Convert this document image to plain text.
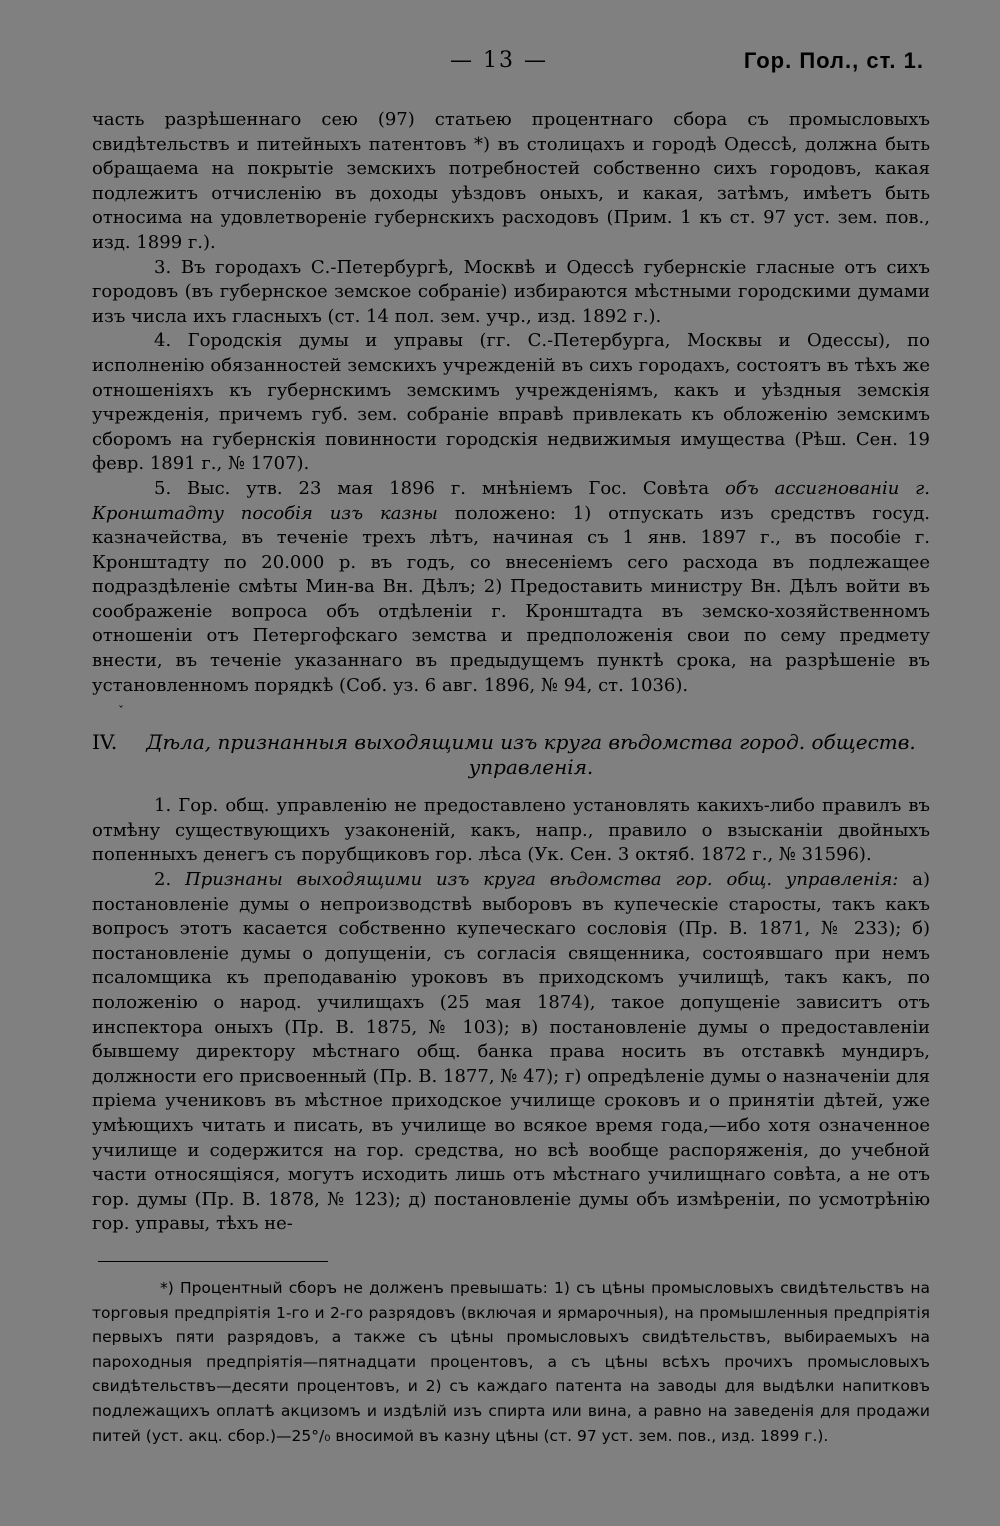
— 13 —	Гор. Пол., ст. 1.

часть разрѣшеннаго сею (97) статьею процентнаго сбора съ промысловыхъ свидѣтельствъ и питейныхъ патентовъ *) въ столицахъ и городѣ Одессѣ, должна быть обращаема на покрытіе земскихъ потребностей собственно сихъ городовъ, какая подлежитъ отчисленію въ доходы уѣздовъ оныхъ, и какая, затѣмъ, имѣетъ быть относима на удовлетвореніе губернскихъ расходовъ (Прим. 1 къ ст. 97 уст. зем. пов., изд. 1899 г.).

3. Въ городахъ С.-Петербургѣ, Москвѣ и Одессѣ губернскіе гласные отъ сихъ городовъ (въ губернское земское собраніе) избираются мѣстными городскими думами изъ числа ихъ гласныхъ (ст. 14 пол. зем. учр., изд. 1892 г.).

4. Городскія думы и управы (гг. С.-Петербурга, Москвы и Одессы), по исполненію обязанностей земскихъ учрежденій въ сихъ городахъ, состоятъ въ тѣхъ же отношеніяхъ къ губернскимъ земскимъ учрежденіямъ, какъ и уѣздныя земскія учрежденія, причемъ губ. зем. собраніе вправѣ привлекать къ обложенію земскимъ сборомъ на губернскія повинности городскія недвижимыя имущества (Рѣш. Сен. 19 февр. 1891 г., № 1707).

5. Выс. утв. 23 мая 1896 г. мнѣніемъ Гос. Совѣта объ ассигнованіи г. Кронштадту пособія изъ казны положено: 1) отпускать изъ средствъ госуд. казначейства, въ теченіе трехъ лѣтъ, начиная съ 1 янв. 1897 г., въ пособіе г. Кронштадту по 20.000 р. въ годъ, со внесеніемъ сего расхода въ подлежащее подраздѣленіе смѣты Мин-ва Вн. Дѣлъ; 2) Предоставить министру Вн. Дѣлъ войти въ соображеніе вопроса объ отдѣленіи г. Кронштадта въ земско-хозяйственномъ отношеніи отъ Петергофскаго земства и предположенія свои по сему предмету внести, въ теченіе указаннаго въ предыдущемъ пунктѣ срока, на разрѣшеніе въ установленномъ порядкѣ (Соб. уз. 6 авг. 1896, № 94, ст. 1036).

ˇ
IV. Дѣла, признанныя выходящими изъ круга вѣдомства город. обществ. управленія.

1. Гор. общ. управленію не предоставлено установлять какихъ-либо правилъ въ отмѣну существующихъ узаконеній, какъ, напр., правило о взысканіи двойныхъ попенныхъ денегъ съ порубщиковъ гор. лѣса (Ук. Сен. 3 октяб. 1872 г., № 31596).

2. Признаны выходящими изъ круга вѣдомства гор. общ. управленія: а) постановленіе думы о непроизводствѣ выборовъ въ купеческіе старосты, такъ какъ вопросъ этотъ касается собственно купеческаго сословія (Пр. В. 1871, № 233); б) постановленіе думы о допущеніи, съ согласія священника, состоявшаго при немъ псаломщика къ преподаванію уроковъ въ приходскомъ училищѣ, такъ какъ, по положенію о народ. училищахъ (25 мая 1874), такое допущеніе зависитъ отъ инспектора оныхъ (Пр. В. 1875, № 103); в) постановленіе думы о предоставленіи бывшему директору мѣстнаго общ. банка права носить въ отставкѣ мундиръ, должности его присвоенный (Пр. В. 1877, № 47); г) опредѣленіе думы о назначеніи для пріема учениковъ въ мѣстное приходское училище сроковъ и о принятіи дѣтей, уже умѣющихъ читать и писать, въ училище во всякое время года,—ибо хотя означенное училище и содержится на гор. средства, но всѣ вообще распоряженія, до учебной части относящіяся, могутъ исходить лишь отъ мѣстнаго училищнаго совѣта, а не отъ гор. думы (Пр. В. 1878, № 123); д) постановленіе думы объ измѣреніи, по усмотрѣнію гор. управы, тѣхъ не-

*) Процентный сборъ не долженъ превышать: 1) съ цѣны промысловыхъ свидѣтельствъ на торговыя предпріятія 1-го и 2-го разрядовъ (включая и ярмарочныя), на промышленныя предпріятія первыхъ пяти разрядовъ, а также съ цѣны промысловыхъ свидѣтельствъ, выбираемыхъ на пароходныя предпріятія—пятнадцати процентовъ, а съ цѣны всѣхъ прочихъ промысловыхъ свидѣтельствъ—десяти процентовъ, и 2) съ каждаго патента на заводы для выдѣлки напитковъ подлежащихъ оплатѣ акцизомъ и издѣлій изъ спирта или вина, а равно на заведенія для продажи питей (уст. акц. сбор.)—25°/₀ вносимой въ казну цѣны (ст. 97 уст. зем. пов., изд. 1899 г.).
